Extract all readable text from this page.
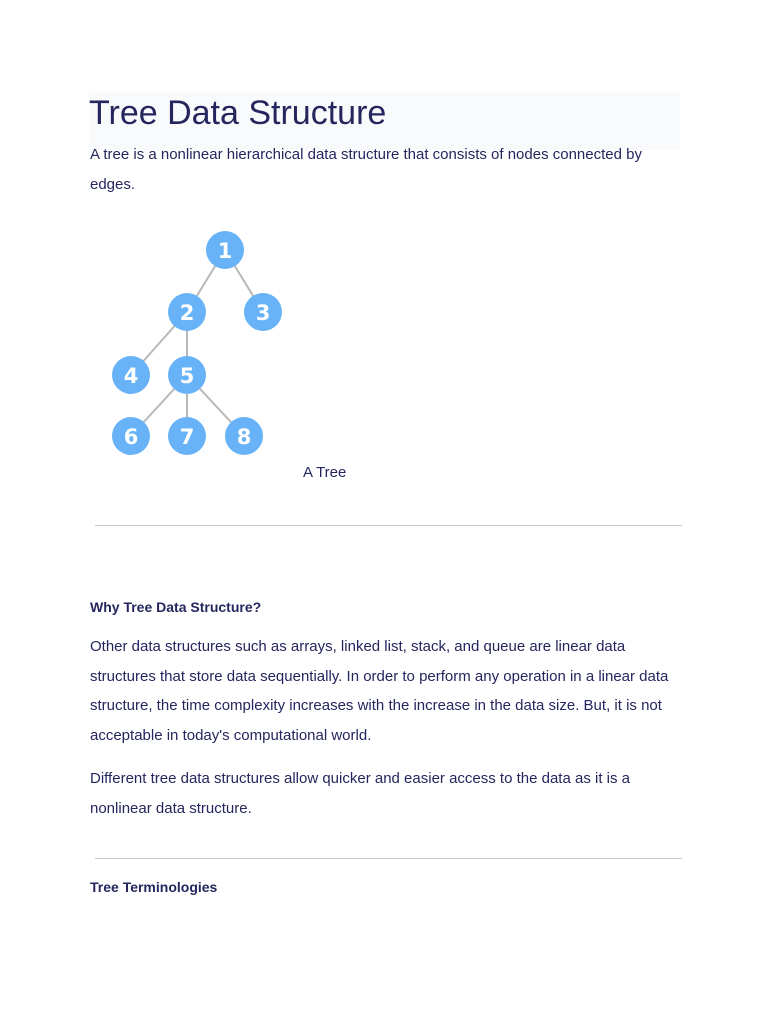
Tree Data Structure

A tree is a nonlinear hierarchical data structure that consists of nodes connected by edges.

1
2	3
4 5
6 7 8
A Tree
Why Tree Data Structure?

Other data structures such as arrays, linked list, stack, and queue are linear data structures that store data sequentially. In order to perform any operation in a linear data structure, the time complexity increases with the increase in the data size. But, it is not acceptable in today's computational world.

Different tree data structures allow quicker and easier access to the data as it is a nonlinear data structure.

Tree Terminologies
